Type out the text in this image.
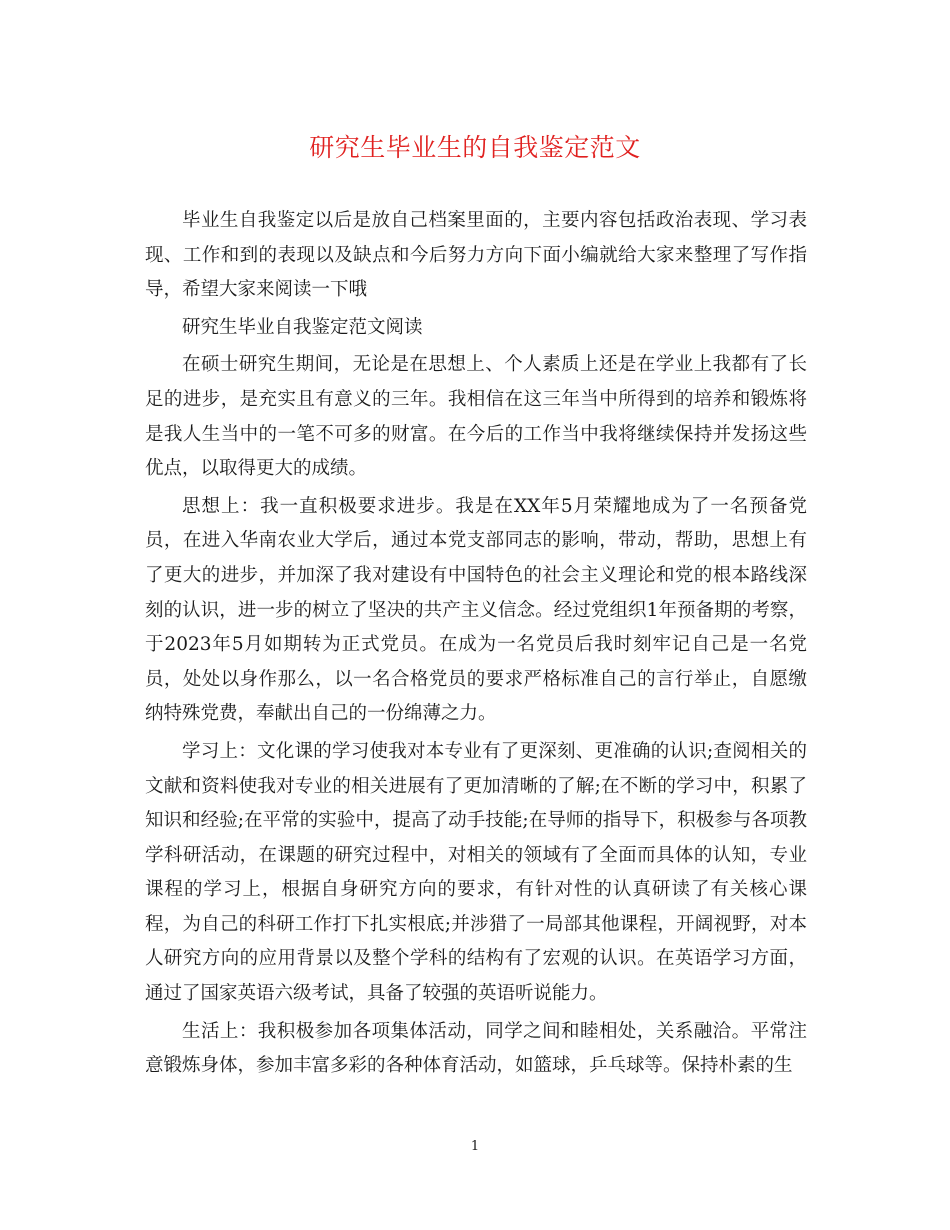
研究生毕业生的自我鉴定范文

毕业生自我鉴定以后是放自己档案里面的，主要内容包括政治表现、学习表现、工作和到的表现以及缺点和今后努力方向下面小编就给大家来整理了写作指导，希望大家来阅读一下哦

研究生毕业自我鉴定范文阅读

在硕士研究生期间，无论是在思想上、个人素质上还是在学业上我都有了长足的进步，是充实且有意义的三年。我相信在这三年当中所得到的培养和锻炼将是我人生当中的一笔不可多的财富。在今后的工作当中我将继续保持并发扬这些优点，以取得更大的成绩。

思想上：我一直积极要求进步。我是在XX年5月荣耀地成为了一名预备党员，在进入华南农业大学后，通过本党支部同志的影响，带动，帮助，思想上有了更大的进步，并加深了我对建设有中国特色的社会主义理论和党的根本路线深刻的认识，进一步的树立了坚决的共产主义信念。经过党组织1年预备期的考察，于2023年5月如期转为正式党员。在成为一名党员后我时刻牢记自己是一名党员，处处以身作那么，以一名合格党员的要求严格标准自己的言行举止，自愿缴纳特殊党费，奉献出自己的一份绵薄之力。

学习上：文化课的学习使我对本专业有了更深刻、更准确的认识;查阅相关的文献和资料使我对专业的相关进展有了更加清晰的了解;在不断的学习中，积累了知识和经验;在平常的实验中，提高了动手技能;在导师的指导下，积极参与各项教学科研活动，在课题的研究过程中，对相关的领域有了全面而具体的认知，专业课程的学习上，根据自身研究方向的要求，有针对性的认真研读了有关核心课程，为自己的科研工作打下扎实根底;并涉猎了一局部其他课程，开阔视野，对本人研究方向的应用背景以及整个学科的结构有了宏观的认识。在英语学习方面，通过了国家英语六级考试，具备了较强的英语听说能力。

生活上：我积极参加各项集体活动，同学之间和睦相处，关系融洽。平常注意锻炼身体，参加丰富多彩的各种体育活动，如篮球，乒乓球等。保持朴素的生

1
